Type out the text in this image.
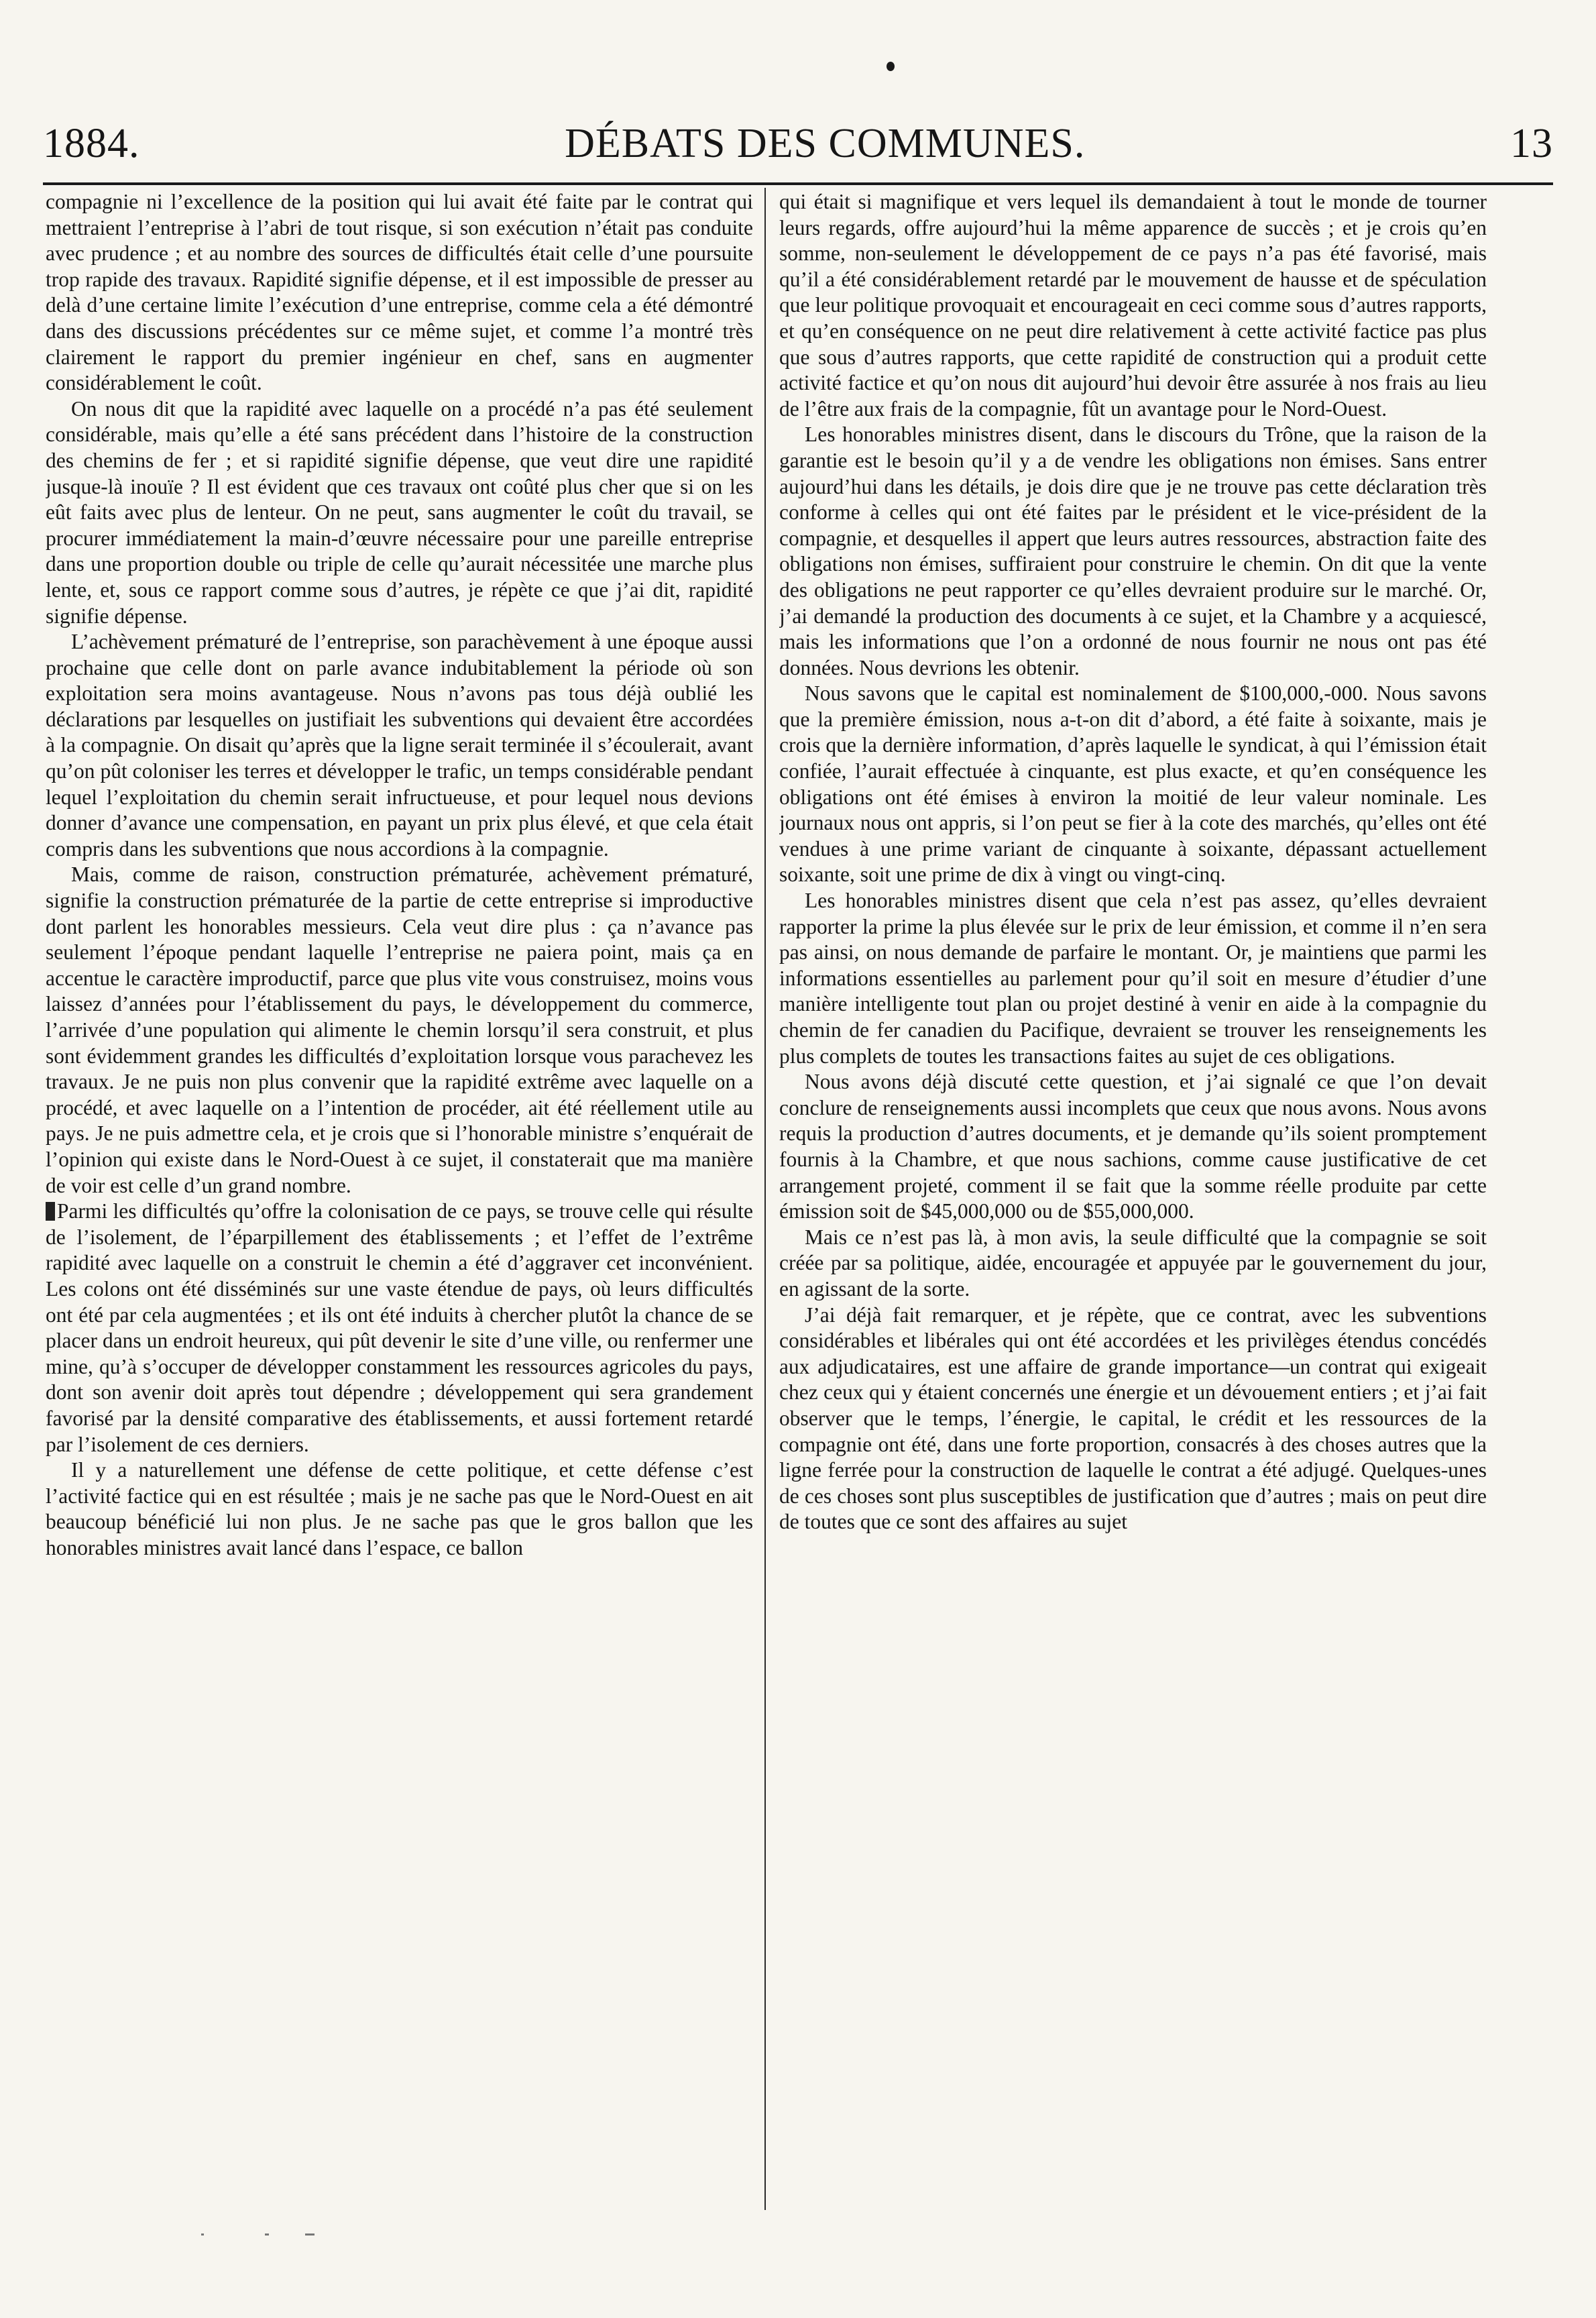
1884.	DÉBATS DES COMMUNES.	13

compagnie ni l’excellence de la position qui lui avait été faite par le contrat qui mettraient l’entreprise à l’abri de tout risque, si son exécution n’était pas conduite avec prudence ; et au nombre des sources de difficultés était celle d’une poursuite trop rapide des travaux. Rapidité signifie dépense, et il est impossible de presser au delà d’une certaine limite l’exécution d’une entreprise, comme cela a été démontré dans des discussions précédentes sur ce même sujet, et comme l’a montré très clairement le rapport du premier ingénieur en chef, sans en augmenter considérablement le coût.

On nous dit que la rapidité avec laquelle on a procédé n’a pas été seulement considérable, mais qu’elle a été sans précédent dans l’histoire de la construction des chemins de fer ; et si rapidité signifie dépense, que veut dire une rapidité jusque-là inouïe ? Il est évident que ces travaux ont coûté plus cher que si on les eût faits avec plus de lenteur. On ne peut, sans augmenter le coût du travail, se procurer immédiatement la main-d’œuvre nécessaire pour une pareille entreprise dans une proportion double ou triple de celle qu’aurait nécessitée une marche plus lente, et, sous ce rapport comme sous d’autres, je répète ce que j’ai dit, rapidité signifie dépense.

L’achèvement prématuré de l’entreprise, son parachèvement à une époque aussi prochaine que celle dont on parle avance indubitablement la période où son exploitation sera moins avantageuse. Nous n’avons pas tous déjà oublié les déclarations par lesquelles on justifiait les subventions qui devaient être accordées à la compagnie. On disait qu’après que la ligne serait terminée il s’écoulerait, avant qu’on pût coloniser les terres et développer le trafic, un temps considérable pendant lequel l’exploitation du chemin serait infructueuse, et pour lequel nous devions donner d’avance une compensation, en payant un prix plus élevé, et que cela était compris dans les subventions que nous accordions à la compagnie.

Mais, comme de raison, construction prématurée, achèvement prématuré, signifie la construction prématurée de la partie de cette entreprise si improductive dont parlent les honorables messieurs. Cela veut dire plus : ça n’avance pas seulement l’époque pendant laquelle l’entreprise ne paiera point, mais ça en accentue le caractère improductif, parce que plus vite vous construisez, moins vous laissez d’années pour l’établissement du pays, le développement du commerce, l’arrivée d’une population qui alimente le chemin lorsqu’il sera construit, et plus sont évidemment grandes les difficultés d’exploitation lorsque vous parachevez les travaux. Je ne puis non plus convenir que la rapidité extrême avec laquelle on a procédé, et avec laquelle on a l’intention de procéder, ait été réellement utile au pays. Je ne puis admettre cela, et je crois que si l’honorable ministre s’enquérait de l’opinion qui existe dans le Nord-Ouest à ce sujet, il constaterait que ma manière de voir est celle d’un grand nombre.

Parmi les difficultés qu’offre la colonisation de ce pays, se trouve celle qui résulte de l’isolement, de l’éparpillement des établissements ; et l’effet de l’extrême rapidité avec laquelle on a construit le chemin a été d’aggraver cet inconvénient. Les colons ont été disséminés sur une vaste étendue de pays, où leurs difficultés ont été par cela augmentées ; et ils ont été induits à chercher plutôt la chance de se placer dans un endroit heureux, qui pût devenir le site d’une ville, ou renfermer une mine, qu’à s’occuper de développer constamment les ressources agricoles du pays, dont son avenir doit après tout dépendre ; développement qui sera grandement favorisé par la densité comparative des établissements, et aussi fortement retardé par l’isolement de ces derniers.

Il y a naturellement une défense de cette politique, et cette défense c’est l’activité factice qui en est résultée ; mais je ne sache pas que le Nord-Ouest en ait beaucoup bénéficié lui non plus. Je ne sache pas que le gros ballon que les honorables ministres avait lancé dans l’espace, ce ballon

qui était si magnifique et vers lequel ils demandaient à tout le monde de tourner leurs regards, offre aujourd’hui la même apparence de succès ; et je crois qu’en somme, non-seulement le développement de ce pays n’a pas été favorisé, mais qu’il a été considérablement retardé par le mouvement de hausse et de spéculation que leur politique provoquait et encourageait en ceci comme sous d’autres rapports, et qu’en conséquence on ne peut dire relativement à cette activité factice pas plus que sous d’autres rapports, que cette rapidité de construction qui a produit cette activité factice et qu’on nous dit aujourd’hui devoir être assurée à nos frais au lieu de l’être aux frais de la compagnie, fût un avantage pour le Nord-Ouest.

Les honorables ministres disent, dans le discours du Trône, que la raison de la garantie est le besoin qu’il y a de vendre les obligations non émises. Sans entrer aujourd’hui dans les détails, je dois dire que je ne trouve pas cette déclaration très conforme à celles qui ont été faites par le président et le vice-président de la compagnie, et desquelles il appert que leurs autres ressources, abstraction faite des obligations non émises, suffiraient pour construire le chemin. On dit que la vente des obligations ne peut rapporter ce qu’elles devraient produire sur le marché. Or, j’ai demandé la production des documents à ce sujet, et la Chambre y a acquiescé, mais les informations que l’on a ordonné de nous fournir ne nous ont pas été données. Nous devrions les obtenir.

Nous savons que le capital est nominalement de $100,000,-000. Nous savons que la première émission, nous a-t-on dit d’abord, a été faite à soixante, mais je crois que la dernière information, d’après laquelle le syndicat, à qui l’émission était confiée, l’aurait effectuée à cinquante, est plus exacte, et qu’en conséquence les obligations ont été émises à environ la moitié de leur valeur nominale. Les journaux nous ont appris, si l’on peut se fier à la cote des marchés, qu’elles ont été vendues à une prime variant de cinquante à soixante, dépassant actuellement soixante, soit une prime de dix à vingt ou vingt-cinq.

Les honorables ministres disent que cela n’est pas assez, qu’elles devraient rapporter la prime la plus élevée sur le prix de leur émission, et comme il n’en sera pas ainsi, on nous demande de parfaire le montant. Or, je maintiens que parmi les informations essentielles au parlement pour qu’il soit en mesure d’étudier d’une manière intelligente tout plan ou projet destiné à venir en aide à la compagnie du chemin de fer canadien du Pacifique, devraient se trouver les renseignements les plus complets de toutes les transactions faites au sujet de ces obligations.

Nous avons déjà discuté cette question, et j’ai signalé ce que l’on devait conclure de renseignements aussi incomplets que ceux que nous avons. Nous avons requis la production d’autres documents, et je demande qu’ils soient promptement fournis à la Chambre, et que nous sachions, comme cause justificative de cet arrangement projeté, comment il se fait que la somme réelle produite par cette émission soit de $45,000,000 ou de $55,000,000.

Mais ce n’est pas là, à mon avis, la seule difficulté que la compagnie se soit créée par sa politique, aidée, encouragée et appuyée par le gouvernement du jour, en agissant de la sorte.

J’ai déjà fait remarquer, et je répète, que ce contrat, avec les subventions considérables et libérales qui ont été accordées et les privilèges étendus concédés aux adjudicataires, est une affaire de grande importance—un contrat qui exigeait chez ceux qui y étaient concernés une énergie et un dévouement entiers ; et j’ai fait observer que le temps, l’énergie, le capital, le crédit et les ressources de la compagnie ont été, dans une forte proportion, consacrés à des choses autres que la ligne ferrée pour la construction de laquelle le contrat a été adjugé. Quelques-unes de ces choses sont plus susceptibles de justification que d’autres ; mais on peut dire de toutes que ce sont des affaires au sujet
